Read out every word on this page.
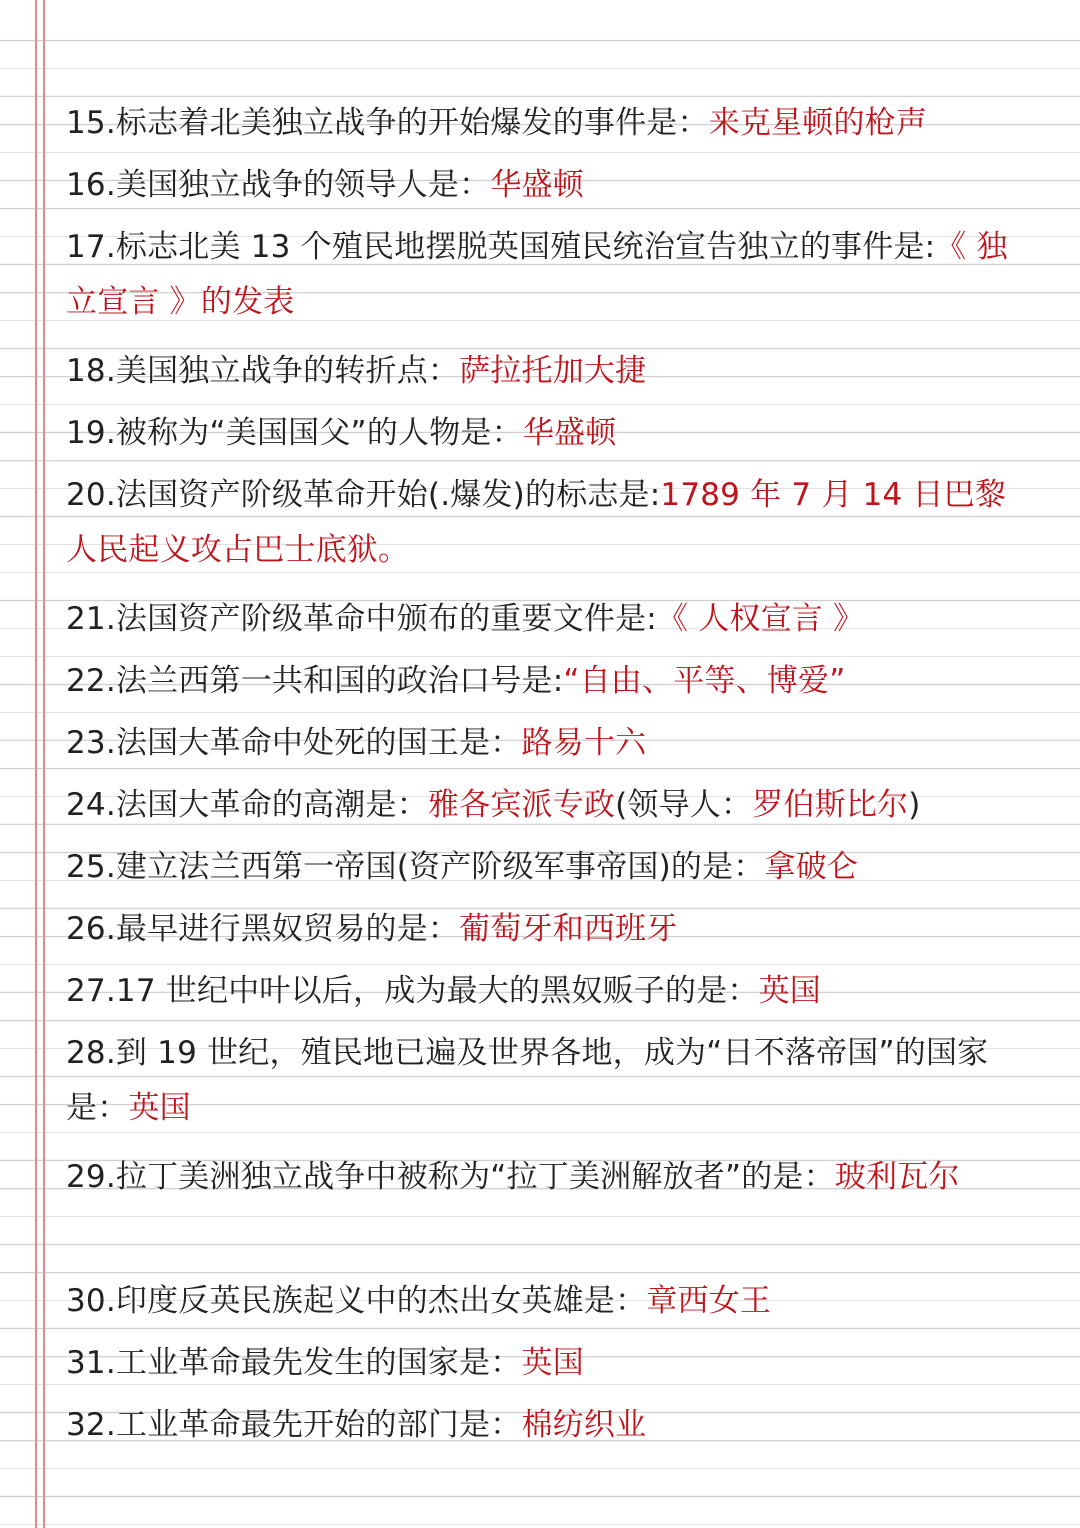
15.标志着北美独立战争的开始爆发的事件是：来克星顿的枪声
16.美国独立战争的领导人是：华盛顿
17.标志北美 13 个殖民地摆脱英国殖民统治宣告独立的事件是:《 独立宣言 》的发表
18.美国独立战争的转折点：萨拉托加大捷
19.被称为“美国国父”的人物是：华盛顿
20.法国资产阶级革命开始(.爆发)的标志是:1789 年 7 月 14 日巴黎人民起义攻占巴士底狱。
21.法国资产阶级革命中颁布的重要文件是:《 人权宣言 》
22.法兰西第一共和国的政治口号是:“自由、平等、博爱”
23.法国大革命中处死的国王是：路易十六
24.法国大革命的高潮是：雅各宾派专政(领导人：罗伯斯比尔)
25.建立法兰西第一帝国(资产阶级军事帝国)的是：拿破仑
26.最早进行黑奴贸易的是：葡萄牙和西班牙
27.17 世纪中叶以后，成为最大的黑奴贩子的是：英国
28.到 19 世纪，殖民地已遍及世界各地，成为“日不落帝国”的国家是：英国
29.拉丁美洲独立战争中被称为“拉丁美洲解放者”的是：玻利瓦尔
30.印度反英民族起义中的杰出女英雄是：章西女王
31.工业革命最先发生的国家是：英国
32.工业革命最先开始的部门是：棉纺织业
